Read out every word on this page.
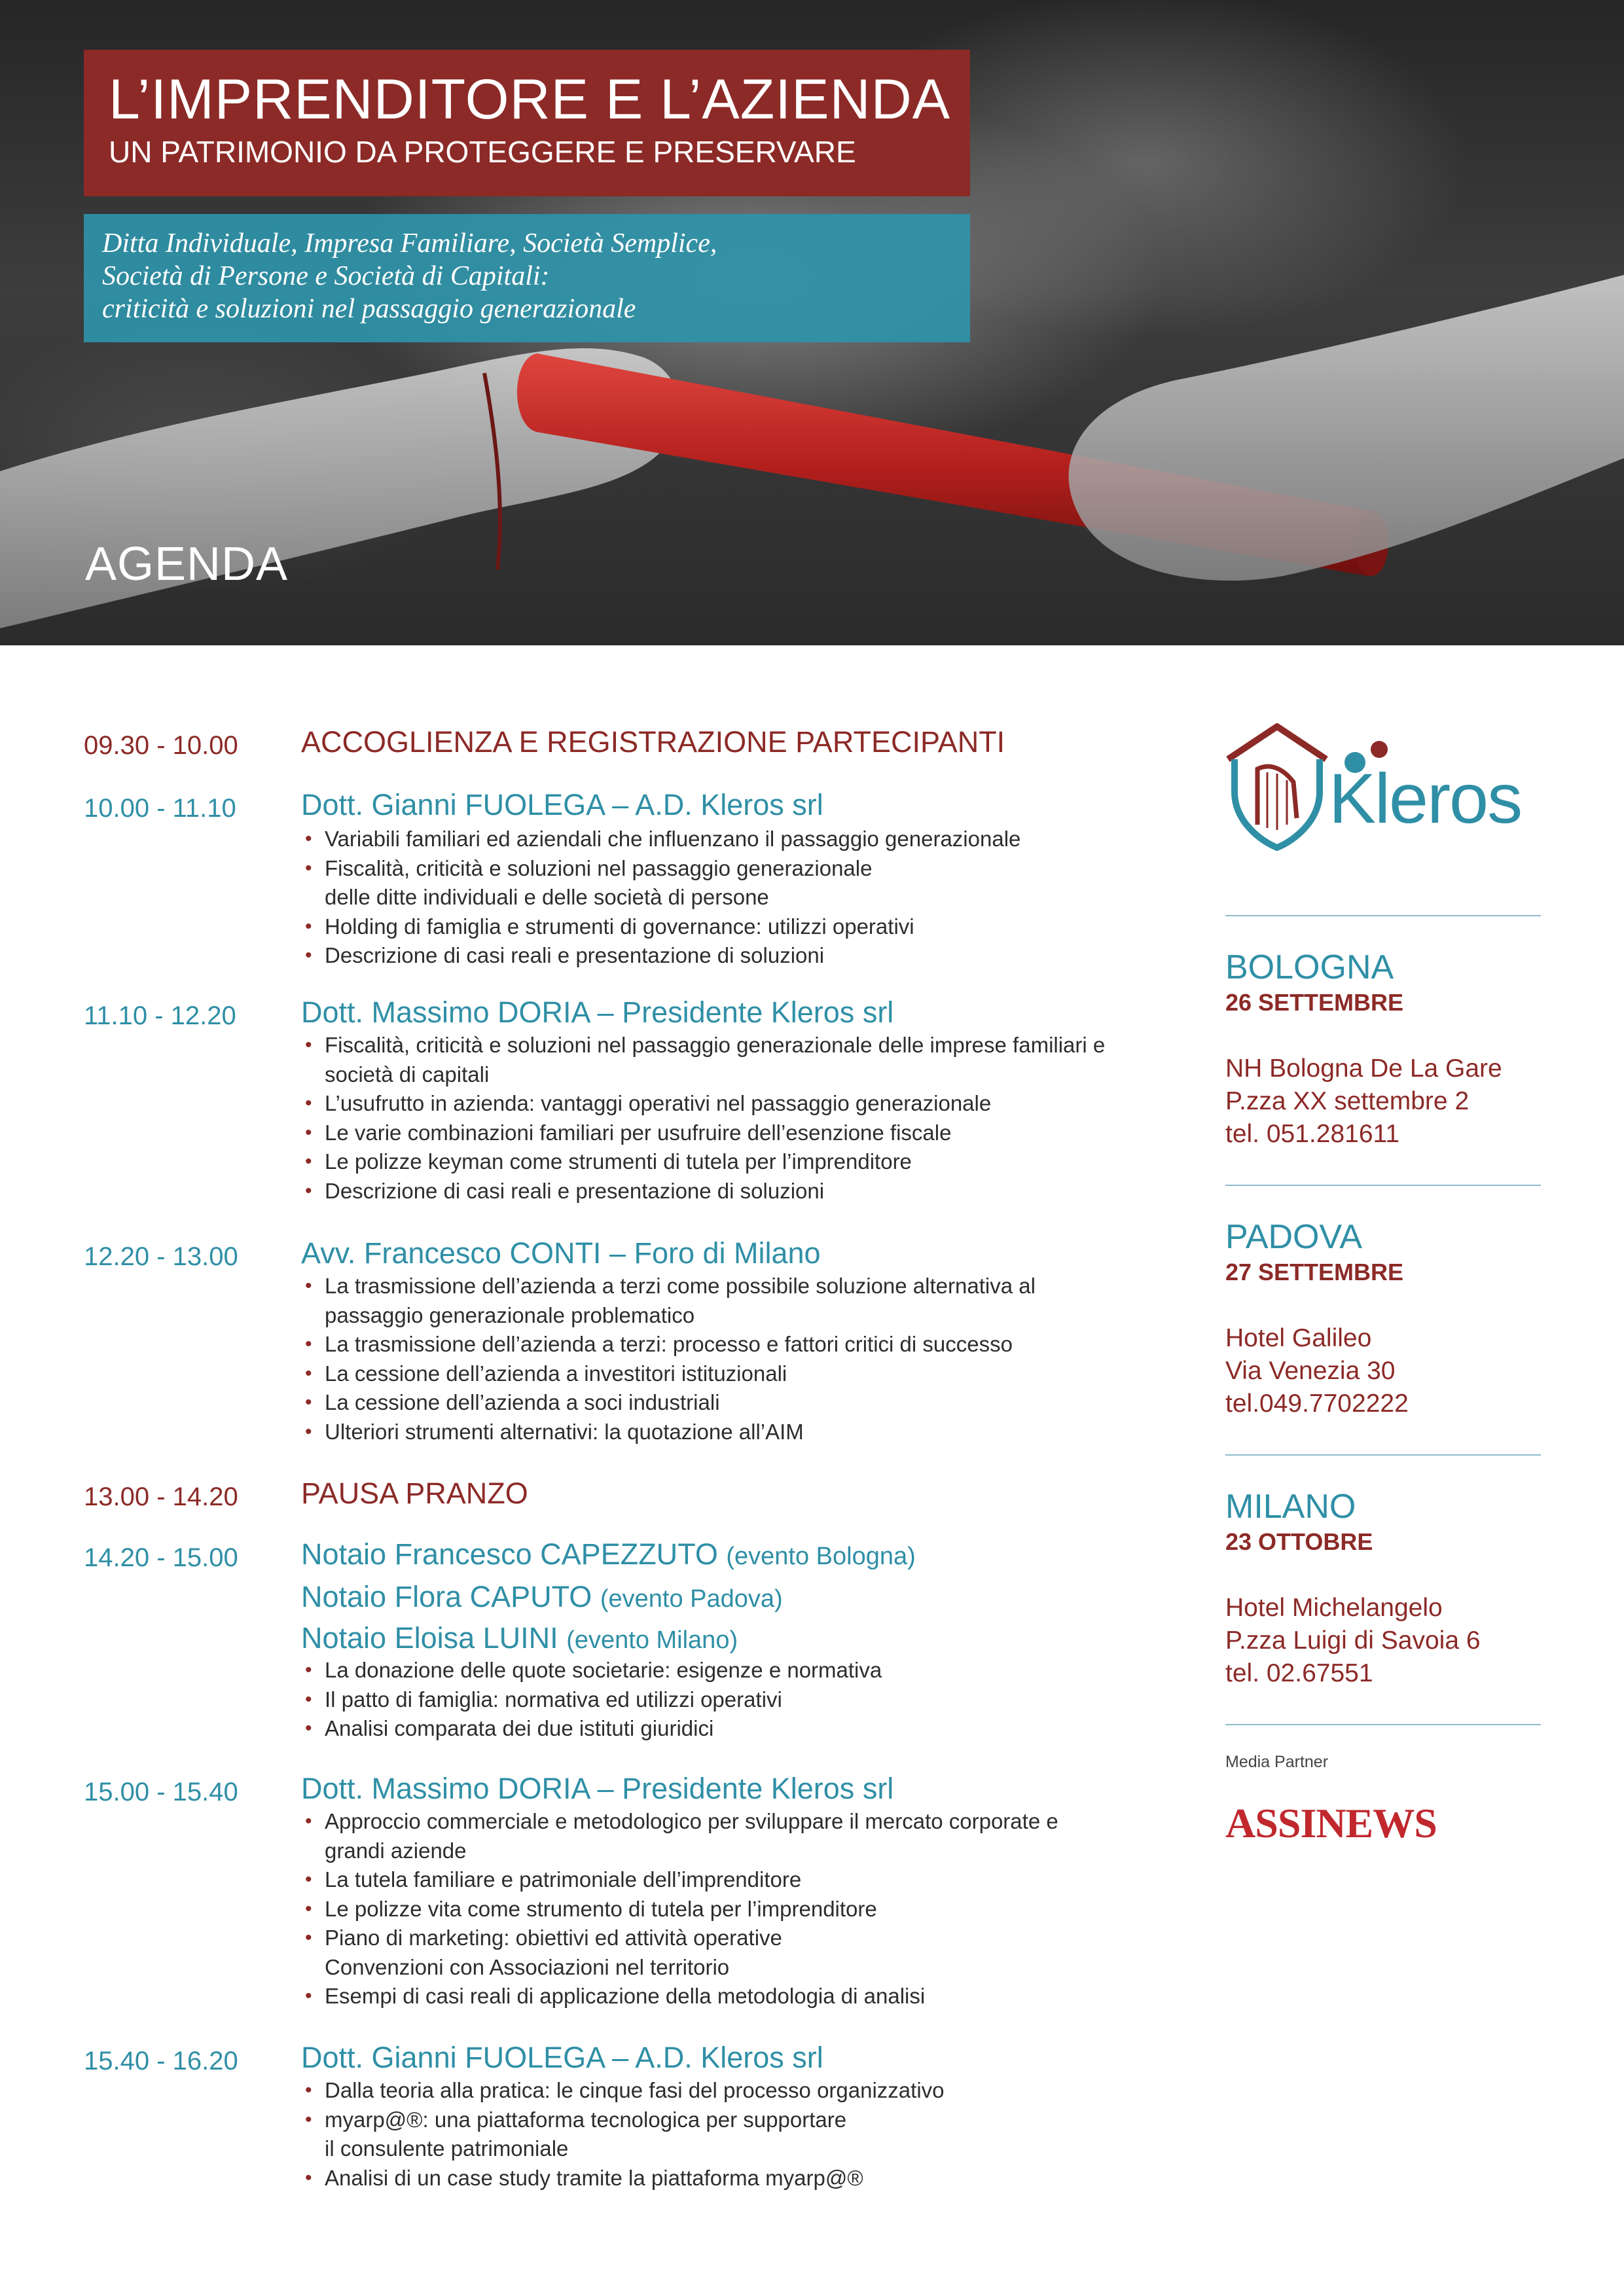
L’IMPRENDITORE E L’AZIENDA
UN PATRIMONIO DA PROTEGGERE E PRESERVARE
Ditta Individuale, Impresa Familiare, Società Semplice,
Società di Persone e Società di Capitali:
criticità e soluzioni nel passaggio generazionale
AGENDA
09.30 - 10.00 ACCOGLIENZA E REGISTRAZIONE PARTECIPANTI
10.00 - 11.10 Dott. Gianni FUOLEGA – A.D. Kleros srl
• Variabili familiari ed aziendali che influenzano il passaggio generazionale
• Fiscalità, criticità e soluzioni nel passaggio generazionale
delle ditte individuali e delle società di persone
• Holding di famiglia e strumenti di governance: utilizzi operativi
• Descrizione di casi reali e presentazione di soluzioni
11.10 - 12.20 Dott. Massimo DORIA – Presidente Kleros srl
• Fiscalità, criticità e soluzioni nel passaggio generazionale delle imprese familiari e
società di capitali
• L’usufrutto in azienda: vantaggi operativi nel passaggio generazionale
• Le varie combinazioni familiari per usufruire dell’esenzione fiscale
• Le polizze keyman come strumenti di tutela per l’imprenditore
• Descrizione di casi reali e presentazione di soluzioni
12.20 - 13.00 Avv. Francesco CONTI – Foro di Milano
• La trasmissione dell’azienda a terzi come possibile soluzione alternativa al
passaggio generazionale problematico
• La trasmissione dell’azienda a terzi: processo e fattori critici di successo
• La cessione dell’azienda a investitori istituzionali
• La cessione dell’azienda a soci industriali
• Ulteriori strumenti alternativi: la quotazione all’AIM
13.00 - 14.20 PAUSA PRANZO
14.20 - 15.00 Notaio Francesco CAPEZZUTO (evento Bologna)
Notaio Flora CAPUTO (evento Padova)
Notaio Eloisa LUINI (evento Milano)
• La donazione delle quote societarie: esigenze e normativa
• Il patto di famiglia: normativa ed utilizzi operativi
• Analisi comparata dei due istituti giuridici
15.00 - 15.40 Dott. Massimo DORIA – Presidente Kleros srl
• Approccio commerciale e metodologico per sviluppare il mercato corporate e
grandi aziende
• La tutela familiare e patrimoniale dell’imprenditore
• Le polizze vita come strumento di tutela per l’imprenditore
• Piano di marketing: obiettivi ed attività operative
Convenzioni con Associazioni nel territorio
• Esempi di casi reali di applicazione della metodologia di analisi
15.40 - 16.20 Dott. Gianni FUOLEGA – A.D. Kleros srl
• Dalla teoria alla pratica: le cinque fasi del processo organizzativo
• myarp@®: una piattaforma tecnologica per supportare
il consulente patrimoniale
• Analisi di un case study tramite la piattaforma myarp@®
Kleros
BOLOGNA
26 SETTEMBRE
NH Bologna De La Gare
P.zza XX settembre 2
tel. 051.281611
PADOVA
27 SETTEMBRE
Hotel Galileo
Via Venezia 30
tel.049.7702222
MILANO
23 OTTOBRE
Hotel Michelangelo
P.zza Luigi di Savoia 6
tel. 02.67551
Media Partner
ASSINEWS
